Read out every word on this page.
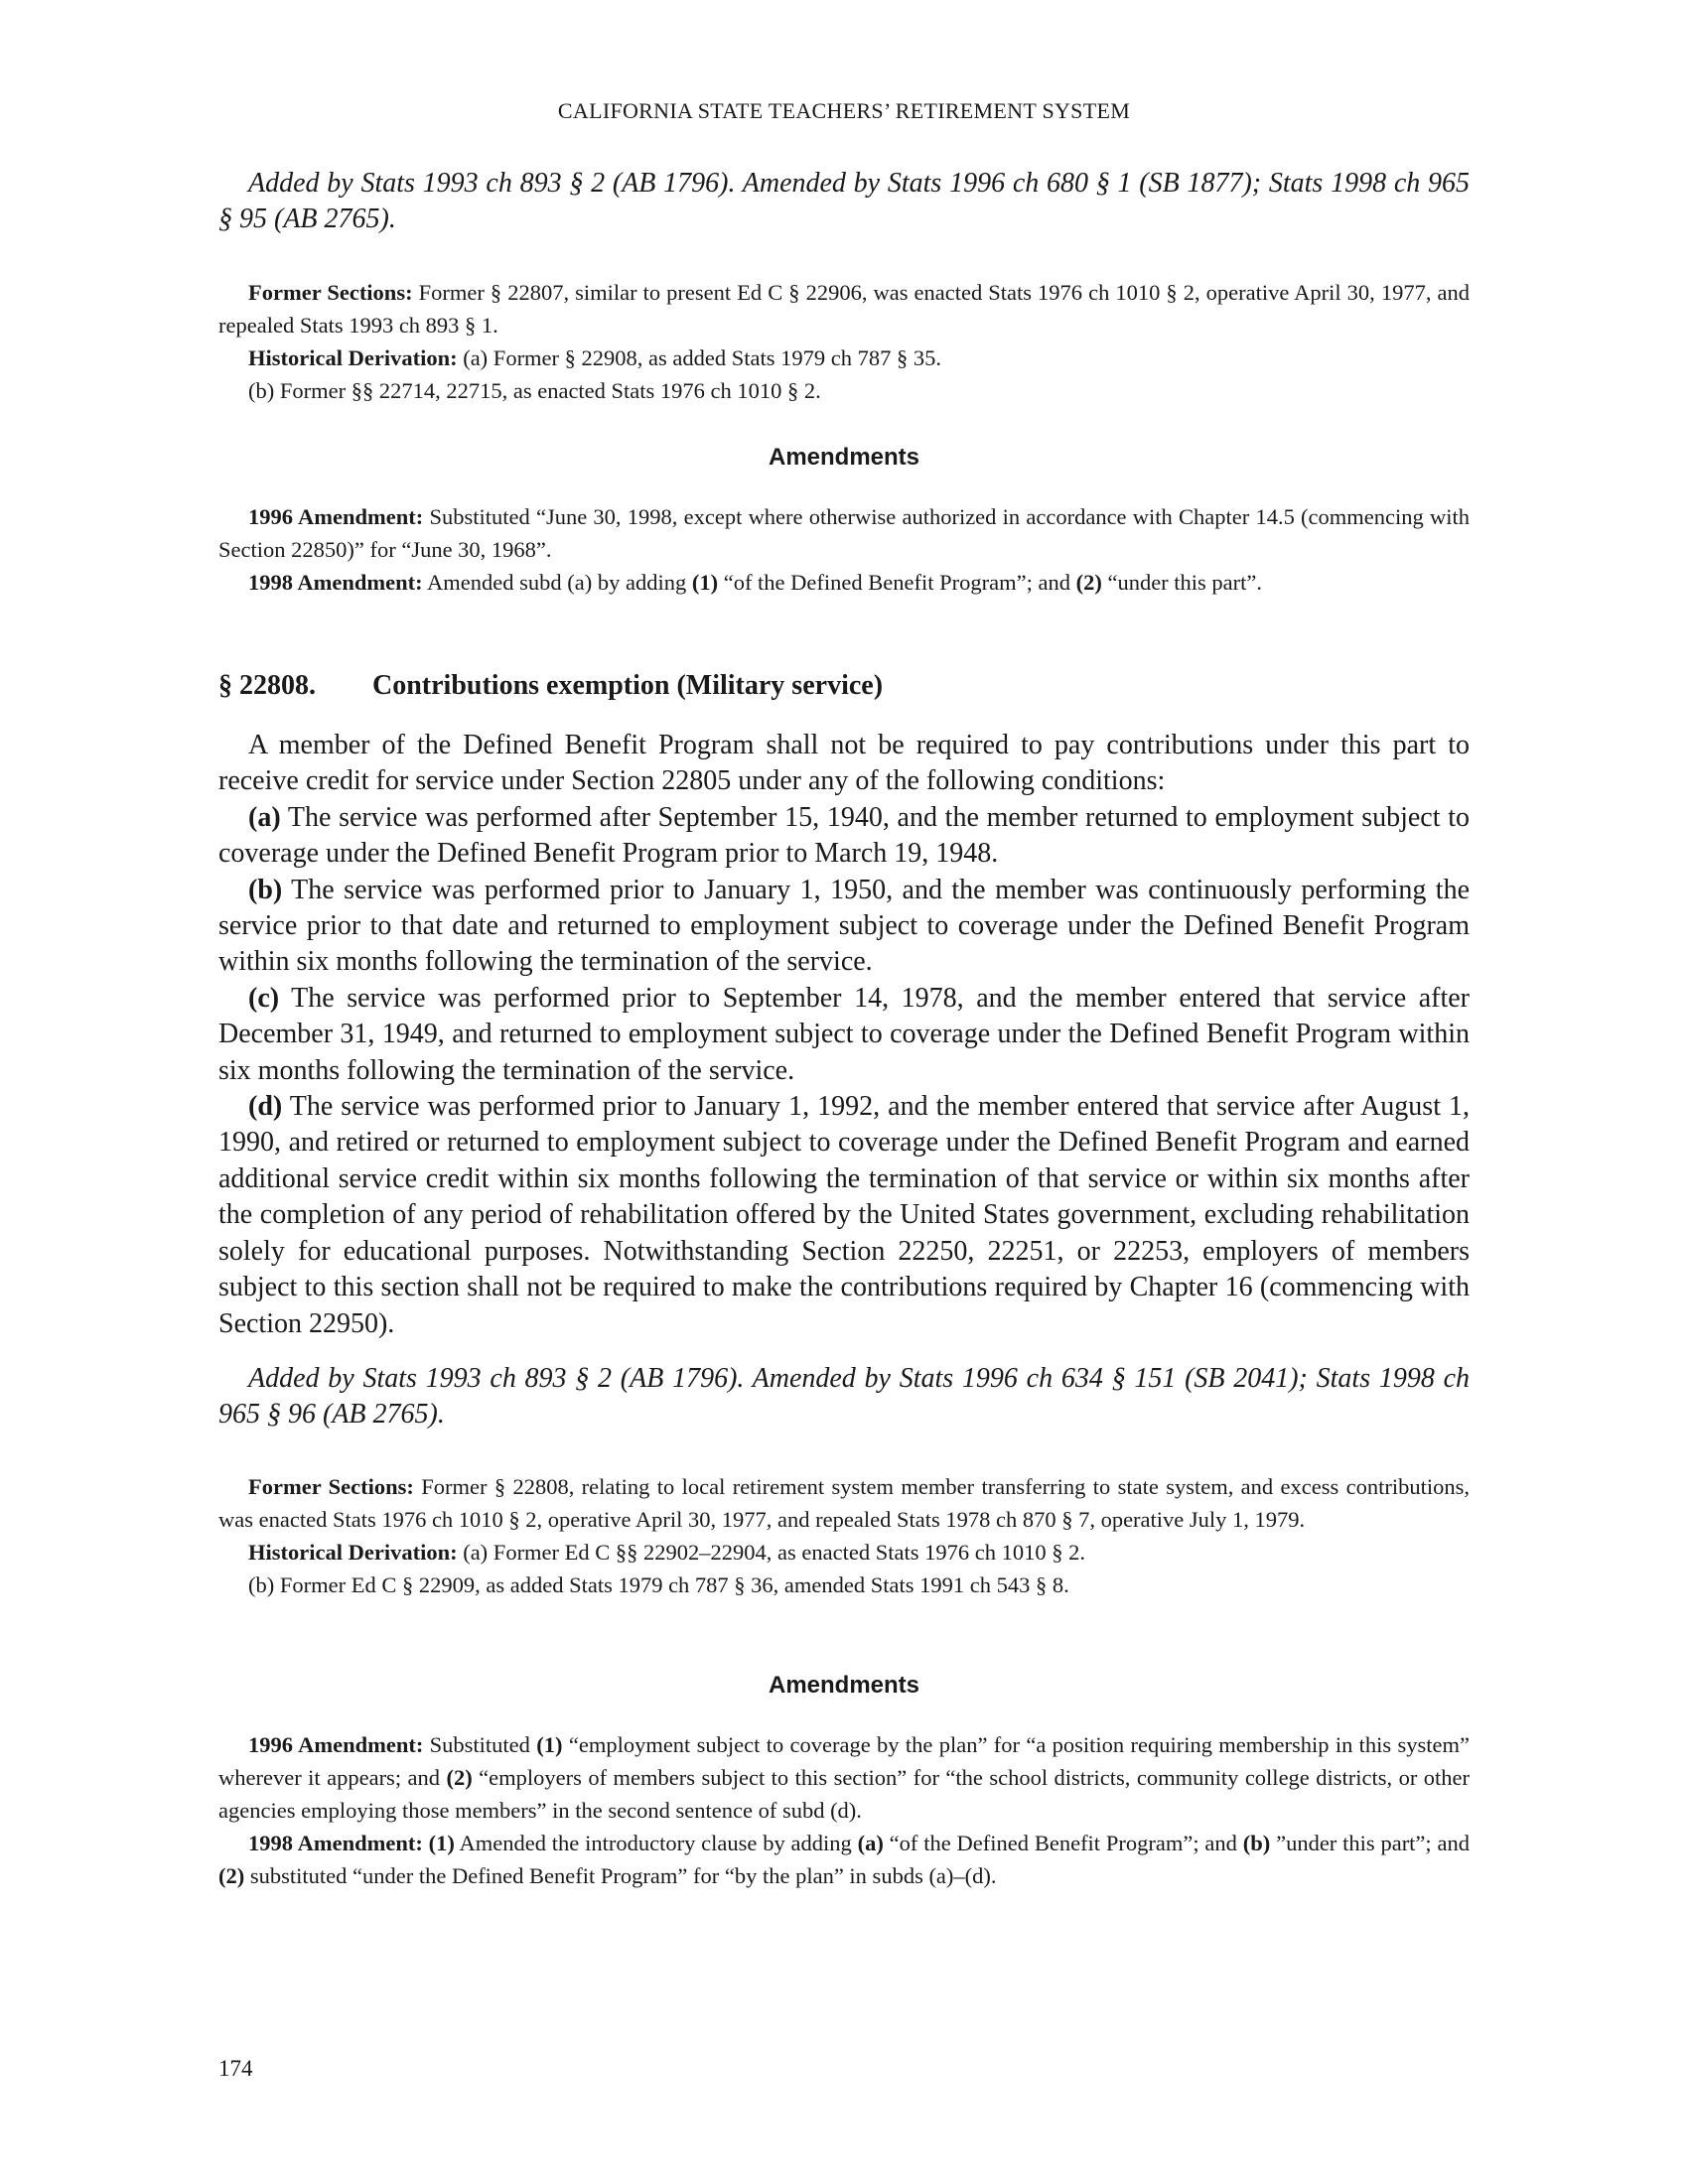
CALIFORNIA STATE TEACHERS’ RETIREMENT SYSTEM

Added by Stats 1993 ch 893 § 2 (AB 1796). Amended by Stats 1996 ch 680 § 1 (SB 1877); Stats 1998 ch 965 § 95 (AB 2765).

Former Sections: Former § 22807, similar to present Ed C § 22906, was enacted Stats 1976 ch 1010 § 2, operative April 30, 1977, and repealed Stats 1993 ch 893 § 1.

Historical Derivation: (a) Former § 22908, as added Stats 1979 ch 787 § 35.

(b) Former §§ 22714, 22715, as enacted Stats 1976 ch 1010 § 2.

Amendments

1996 Amendment: Substituted “June 30, 1998, except where otherwise authorized in accordance with Chapter 14.5 (commencing with Section 22850)” for “June 30, 1968”.

1998 Amendment: Amended subd (a) by adding (1) “of the Defined Benefit Program”; and (2) “under this part”.

§ 22808. Contributions exemption (Military service)

A member of the Defined Benefit Program shall not be required to pay contributions under this part to receive credit for service under Section 22805 under any of the following conditions:

(a) The service was performed after September 15, 1940, and the member returned to employment subject to coverage under the Defined Benefit Program prior to March 19, 1948.

(b) The service was performed prior to January 1, 1950, and the member was continuously performing the service prior to that date and returned to employment subject to coverage under the Defined Benefit Program within six months following the termination of the service.

(c) The service was performed prior to September 14, 1978, and the member entered that service after December 31, 1949, and returned to employment subject to coverage under the Defined Benefit Program within six months following the termination of the service.

(d) The service was performed prior to January 1, 1992, and the member entered that service after August 1, 1990, and retired or returned to employment subject to coverage under the Defined Benefit Program and earned additional service credit within six months following the termination of that service or within six months after the completion of any period of rehabilitation offered by the United States government, excluding rehabilitation solely for educational purposes. Notwithstanding Section 22250, 22251, or 22253, employers of members subject to this section shall not be required to make the contributions required by Chapter 16 (commencing with Section 22950).

Added by Stats 1993 ch 893 § 2 (AB 1796). Amended by Stats 1996 ch 634 § 151 (SB 2041); Stats 1998 ch 965 § 96 (AB 2765).

Former Sections: Former § 22808, relating to local retirement system member transferring to state system, and excess contributions, was enacted Stats 1976 ch 1010 § 2, operative April 30, 1977, and repealed Stats 1978 ch 870 § 7, operative July 1, 1979.

Historical Derivation: (a) Former Ed C §§ 22902–22904, as enacted Stats 1976 ch 1010 § 2.

(b) Former Ed C § 22909, as added Stats 1979 ch 787 § 36, amended Stats 1991 ch 543 § 8.

Amendments

1996 Amendment: Substituted (1) “employment subject to coverage by the plan” for “a position requiring membership in this system” wherever it appears; and (2) “employers of members subject to this section” for “the school districts, community college districts, or other agencies employing those members” in the second sentence of subd (d).

1998 Amendment: (1) Amended the introductory clause by adding (a) “of the Defined Benefit Program”; and (b) ”under this part”; and (2) substituted “under the Defined Benefit Program” for “by the plan” in subds (a)–(d).

174
